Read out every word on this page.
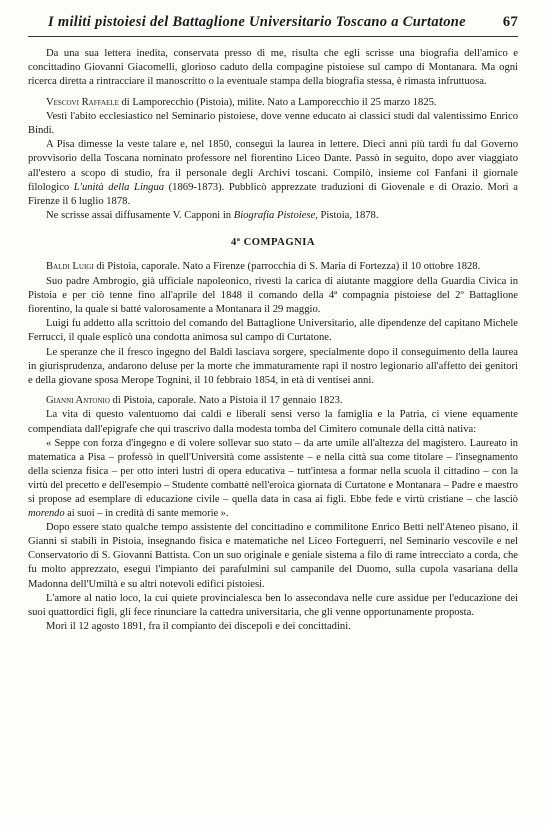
I militi pistoiesi del Battaglione Universitario Toscano a Curtatone	67

Da una sua lettera inedita, conservata presso di me, risulta che egli scrisse una biografia dell'amico e concittadino Giovanni Giacomelli, glorioso caduto della compagine pistoiese sul campo di Montanara. Ma ogni ricerca diretta a rintracciare il manoscritto o la eventuale stampa della biografia stessa, è rimasta infruttuosa.

Vescovi Raffaele di Lamporecchio (Pistoia), milite. Nato a Lamporecchio il 25 marzo 1825.

Vestì l'abito ecclesiastico nel Seminario pistoiese, dove venne educato ai classici studi dal valentissimo Enrico Bindi.

A Pisa dimesse la veste talare e, nel 1850, conseguì la laurea in lettere. Dieci anni più tardi fu dal Governo provvisorio della Toscana nominato professore nel fiorentino Liceo Dante. Passò in seguito, dopo aver viaggiato all'estero a scopo di studio, fra il personale degli Archivi toscani. Compilò, insieme col Fanfani il giornale filologico L'unità della Lingua (1869-1873). Pubblicò apprezzate traduzioni di Giovenale e di Orazio. Morì a Firenze il 6 luglio 1878.

Ne scrisse assai diffusamente V. Capponi in Biografia Pistoiese, Pistoia, 1878.

4ª COMPAGNIA

Baldi Luigi di Pistoia, caporale. Nato a Firenze (parrocchia di S. Maria di Fortezza) il 10 ottobre 1828.

Suo padre Ambrogio, già ufficiale napoleonico, rivestì la carica di aiutante maggiore della Guardia Civica in Pistoia e per ciò tenne fino all'aprile del 1848 il comando della 4ª compagnia pistoiese del 2º Battaglione fiorentino, la quale si batté valorosamente a Montanara il 29 maggio.

Luigi fu addetto alla scrittoio del comando del Battaglione Universitario, alle dipendenze del capitano Michele Ferrucci, il quale esplicò una condotta animosa sul campo di Curtatone.

Le speranze che il fresco ingegno del Baldi lasciava sorgere, specialmente dopo il conseguimento della laurea in giurisprudenza, andarono deluse per la morte che immaturamente rapì il nostro legionario all'affetto dei genitori e della giovane sposa Merope Tognini, il 10 febbraio 1854, in età di ventisei anni.

Gianni Antonio di Pistoia, caporale. Nato a Pistoia il 17 gennaio 1823.

La vita di questo valentuomo dai caldi e liberali sensi verso la famiglia e la Patria, ci viene equamente compendiata dall'epigrafe che qui trascrivo dalla modesta tomba del Cimitero comunale della città nativa:

« Seppe con forza d'ingegno e di volere sollevar suo stato – da arte umile all'altezza del magistero. Laureato in matematica a Pisa – professò in quell'Università come assistente – e nella città sua come titolare – l'insegnamento della scienza fisica – per otto interi lustri di opera educativa – tutt'intesa a formar nella scuola il cittadino – con la virtù del precetto e dell'esempio – Studente combattè nell'eroica giornata di Curtatone e Montanara – Padre e maestro si propose ad esemplare di educazione civile – quella data in casa ai figli. Ebbe fede e virtù cristiane – che lasciò morendo ai suoi – in credità di sante memorie ».

Dopo essere stato qualche tempo assistente del concittadino e commilitone Enrico Betti nell'Ateneo pisano, il Gianni si stabilì in Pistoia, insegnando fisica e matematiche nel Liceo Forteguerri, nel Seminario vescovile e nel Conservatorio di S. Giovanni Battista. Con un suo originale e geniale sistema a filo di rame intrecciato a corda, che fu molto apprezzato, eseguì l'impianto dei parafulmini sul campanile del Duomo, sulla cupola vasariana della Madonna dell'Umiltà e su altri notevoli edifici pistoiesi.

L'amore al natio loco, la cui quiete provincialesca ben lo assecondava nelle cure assidue per l'educazione dei suoi quattordici figli, gli fece rinunciare la cattedra universitaria, che gli venne opportunamente proposta.

Morì il 12 agosto 1891, fra il compianto dei discepoli e dei concittadini.
